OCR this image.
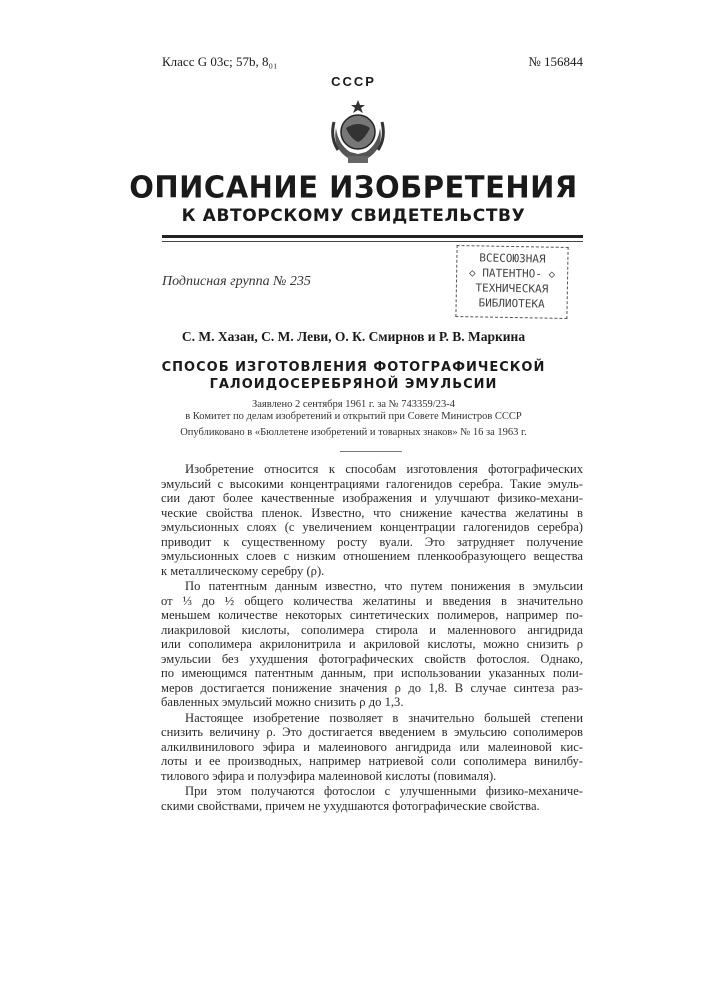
Класс G 03c; 57b, 8₀₁	№ 156844
СССР
ОПИСАНИЕ ИЗОБРЕТЕНИЯ
К АВТОРСКОМУ СВИДЕТЕЛЬСТВУ
Подписная группа № 235
ВСЕСОЮЗНАЯ
◇ ПАТЕНТНО- ◇
ТЕХНИЧЕСКАЯ
БИБЛИОТЕКА
С. М. Хазан, С. М. Леви, О. К. Смирнов и Р. В. Маркина
СПОСОБ ИЗГОТОВЛЕНИЯ ФОТОГРАФИЧЕСКОЙ
ГАЛОИДОСЕРЕБРЯНОЙ ЭМУЛЬСИИ
Заявлено 2 сентября 1961 г. за № 743359/23-4
в Комитет по делам изобретений и открытий при Совете Министров СССР
Опубликовано в «Бюллетене изобретений и товарных знаков» № 16 за 1963 г.
Изобретение относится к способам изготовления фотографических
эмульсий с высокими концентрациями галогенидов серебра. Такие эмуль-
сии дают более качественные изображения и улучшают физико-механи-
ческие свойства пленок. Известно, что снижение качества желатины в
эмульсионных слоях (с увеличением концентрации галогенидов серебра)
приводит к существенному росту вуали. Это затрудняет получение
эмульсионных слоев с низким отношением пленкообразующего вещества
к металлическому серебру (ρ).
По патентным данным известно, что путем понижения в эмульсии
от ⅓ до ½ общего количества желатины и введения в значительно
меньшем количестве некоторых синтетических полимеров, например по-
лиакриловой кислоты, сополимера стирола и маленнового ангидрида
или сополимера акрилонитрила и акриловой кислоты, можно снизить ρ
эмульсии без ухудшения фотографических свойств фотослоя. Однако,
по имеющимся патентным данным, при использовании указанных поли-
меров достигается понижение значения ρ до 1,8. В случае синтеза раз-
бавленных эмульсий можно снизить ρ до 1,3.
Настоящее изобретение позволяет в значительно большей степени
снизить величину ρ. Это достигается введением в эмульсию сополимеров
алкилвинилового эфира и малеинового ангидрида или малеиновой кис-
лоты и ее производных, например натриевой соли сополимера винилбу-
тилового эфира и полуэфира малеиновой кислоты (повималя).
При этом получаются фотослои с улучшенными физико-механиче-
скими свойствами, причем не ухудшаются фотографические свойства.
